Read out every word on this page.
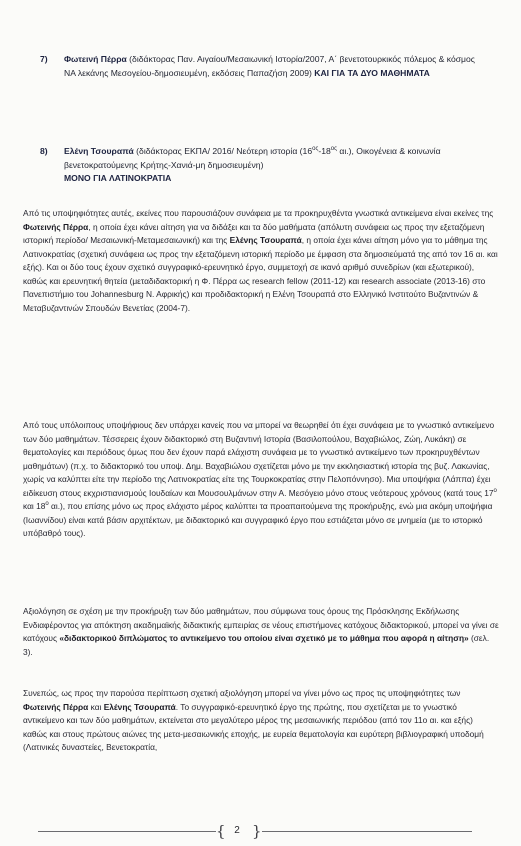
7)	Φωτεινή Πέρρα (διδάκτορας Παν. Αιγαίου/Μεσαιωνική Ιστορία/2007, Α΄ βενετοτουρκικός πόλεμος & κόσμος ΝΑ λεκάνης Μεσογείου-δημοσιευμένη, εκδόσεις Παπαζήση 2009) ΚΑΙ ΓΙΑ ΤΑ ΔΥΟ ΜΑΘΗΜΑΤΑ
8)	Ελένη Τσουραπά (διδάκτορας ΕΚΠΑ/ 2016/ Νεότερη ιστορία ($16^{o\varsigma}-18^{o\varsigma}$ αι.), Οικογένεια & κοινωνία βενετοκρατούμενης Κρήτης-Χανιά-μη δημοσιευμένη)
ΜΟΝΟ ΓΙΑ ΛΑΤΙΝΟΚΡΑΤΙΑ
Από τις υποψηφιότητες αυτές, εκείνες που παρουσιάζουν συνάφεια με τα προκηρυχθέντα γνωστικά αντικείμενα είναι εκείνες της Φωτεινής Πέρρα, η οποία έχει κάνει αίτηση για να διδάξει και τα δύο μαθήματα (απόλυτη συνάφεια ως προς την εξεταζόμενη ιστορική περίοδο/ Μεσαιωνική-Μεταμεσαιωνική) και της Ελένης Τσουραπά, η οποία έχει κάνει αίτηση μόνο για το μάθημα της Λατινοκρατίας (σχετική συνάφεια ως προς την εξεταζόμενη ιστορική περίοδο με έμφαση στα δημοσιεύματά της από τον 16 αι. και εξής). Και οι δύο τους έχουν σχετικό συγγραφικό-ερευνητικό έργο, συμμετοχή σε ικανό αριθμό συνεδρίων (και εξωτερικού), καθώς και ερευνητική θητεία (μεταδιδακτορική η Φ. Πέρρα ως research fellow (2011-12) και research associate (2013-16) στο Πανεπιστήμιο του Johannesburg Ν. Αφρικής) και προδιδακτορική η Ελένη Τσουραπά στο Ελληνικό Ινστιτούτο Βυζαντινών & Μεταβυζαντινών Σπουδών Βενετίας (2004-7).
Από τους υπόλοιπους υποψήφιους δεν υπάρχει κανείς που να μπορεί να θεωρηθεί ότι έχει συνάφεια με το γνωστικό αντικείμενο των δύο μαθημάτων. Τέσσερεις έχουν διδακτορικό στη Βυζαντινή Ιστορία (Βασιλοπούλου, Βαχαβιώλος, Ζώη, Λυκάκη) σε θεματολογίες και περιόδους όμως που δεν έχουν παρά ελάχιστη συνάφεια με το γνωστικό αντικείμενο των προκηρυχθέντων μαθημάτων) (π.χ. το διδακτορικό του υποψ. Δημ. Βαχαβιώλου σχετίζεται μόνο με την εκκλησιαστική ιστορία της βυζ. Λακωνίας, χωρίς να καλύπτει είτε την περίοδο της Λατινοκρατίας είτε της Τουρκοκρατίας στην Πελοπόννησο). Μια υποψήφια (Λάππα) έχει ειδίκευση στους εκχριστιανισμούς Ιουδαίων και Μουσουλμάνων στην Α. Μεσόγειο μόνο στους νεότερους χρόνους (κατά τους $17^o$ και $18^o$ αι.), που επίσης μόνο ως προς ελάχιστο μέρος καλύπτει τα προαπαιτούμενα της προκήρυξης, ενώ μια ακόμη υποψήφια (Ιωαννίδου) είναι κατά βάσιν αρχιτέκτων, με διδακτορικό και συγγραφικό έργο που εστιάζεται μόνο σε μνημεία (με το ιστορικό υπόβαθρό τους).
Αξιολόγηση σε σχέση με την προκήρυξη των δύο μαθημάτων, που σύμφωνα τους όρους της Πρόσκλησης Εκδήλωσης Ενδιαφέροντος για απόκτηση ακαδημαϊκής διδακτικής εμπειρίας σε νέους επιστήμονες κατόχους διδακτορικού, μπορεί να γίνει σε κατόχους «διδακτορικού διπλώματος το αντικείμενο του οποίου είναι σχετικό με το μάθημα που αφορά η αίτηση» (σελ. 3).
Συνεπώς, ως προς την παρούσα περίπτωση σχετική αξιολόγηση μπορεί να γίνει μόνο ως προς τις υποψηφιότητες των Φωτεινής Πέρρα και Ελένης Τσουραπά. Το συγγραφικό-ερευνητικό έργο της πρώτης, που σχετίζεται με το γνωστικό αντικείμενο και των δύο μαθημάτων, εκτείνεται στο μεγαλύτερο μέρος της μεσαιωνικής περιόδου (από τον 11ο αι. και εξής) καθώς και στους πρώτους αιώνες της μετα-μεσαιωνικής εποχής, με ευρεία θεματολογία και ευρύτερη βιβλιογραφική υποδομή (Λατινικές δυναστείες, Βενετοκρατία,
{ }
2
